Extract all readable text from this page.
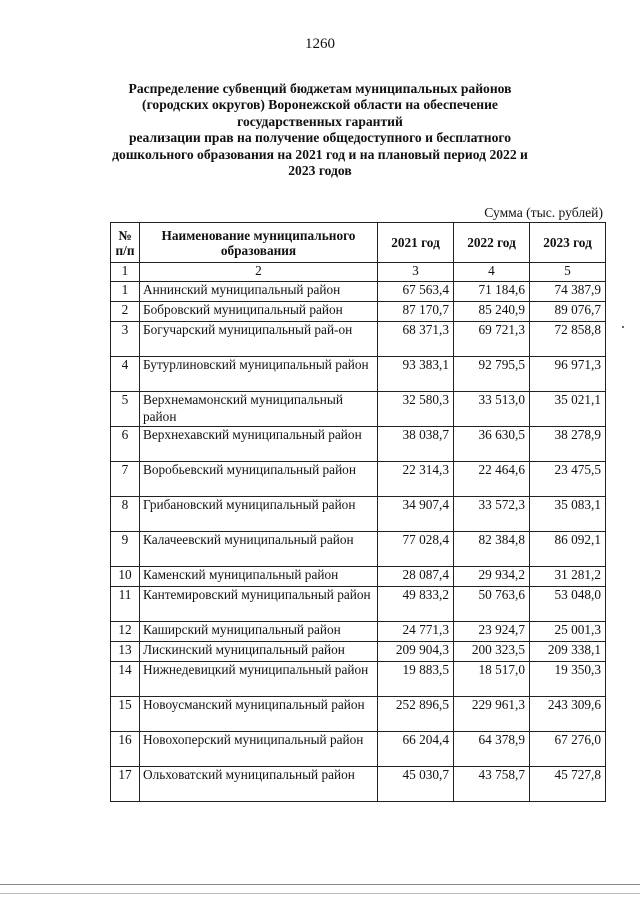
1260
Распределение субвенций бюджетам муниципальных районов
(городских округов) Воронежской области на обеспечение
государственных гарантий
реализации прав на получение общедоступного и бесплатного
дошкольного образования на 2021 год и на плановый период 2022 и
2023 годов
Сумма (тыс. рублей)
№ п/п	Наименование муниципального образования	2021 год	2022 год	2023 год
1	2	3	4	5
1	Аннинский муниципальный район	67 563,4	71 184,6	74 387,9
2	Бобровский муниципальный район	87 170,7	85 240,9	89 076,7
3	Богучарский муниципальный рай-он	68 371,3	69 721,3	72 858,8
4	Бутурлиновский муниципальный район	93 383,1	92 795,5	96 971,3
5	Верхнемамонский муниципальный район	32 580,3	33 513,0	35 021,1
6	Верхнехавский муниципальный район	38 038,7	36 630,5	38 278,9
7	Воробьевский муниципальный район	22 314,3	22 464,6	23 475,5
8	Грибановский муниципальный район	34 907,4	33 572,3	35 083,1
9	Калачеевский муниципальный район	77 028,4	82 384,8	86 092,1
10	Каменский муниципальный район	28 087,4	29 934,2	31 281,2
11	Кантемировский муниципальный район	49 833,2	50 763,6	53 048,0
12	Каширский муниципальный район	24 771,3	23 924,7	25 001,3
13	Лискинский муниципальный район	209 904,3	200 323,5	209 338,1
14	Нижнедевицкий муниципальный район	19 883,5	18 517,0	19 350,3
15	Новоусманский муниципальный район	252 896,5	229 961,3	243 309,6
16	Новохоперский муниципальный район	66 204,4	64 378,9	67 276,0
17	Ольховатский муниципальный район	45 030,7	43 758,7	45 727,8
